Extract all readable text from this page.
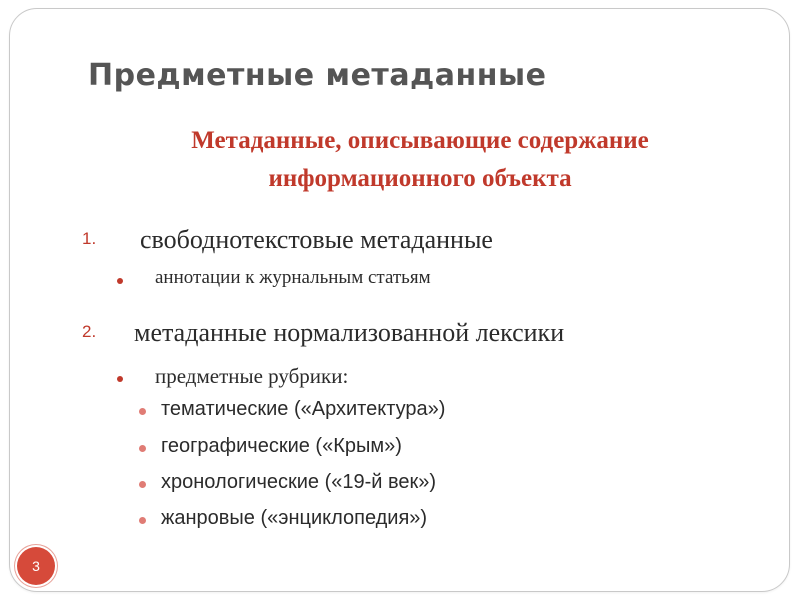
Предметные метаданные
Метаданные, описывающие содержание информационного объекта
1. свободнотекстовые метаданные
аннотации к журнальным статьям
2. метаданные нормализованной лексики
предметные рубрики:
тематические («Архитектура»)
географические («Крым»)
хронологические («19-й век»)
жанровые («энциклопедия»)
3
